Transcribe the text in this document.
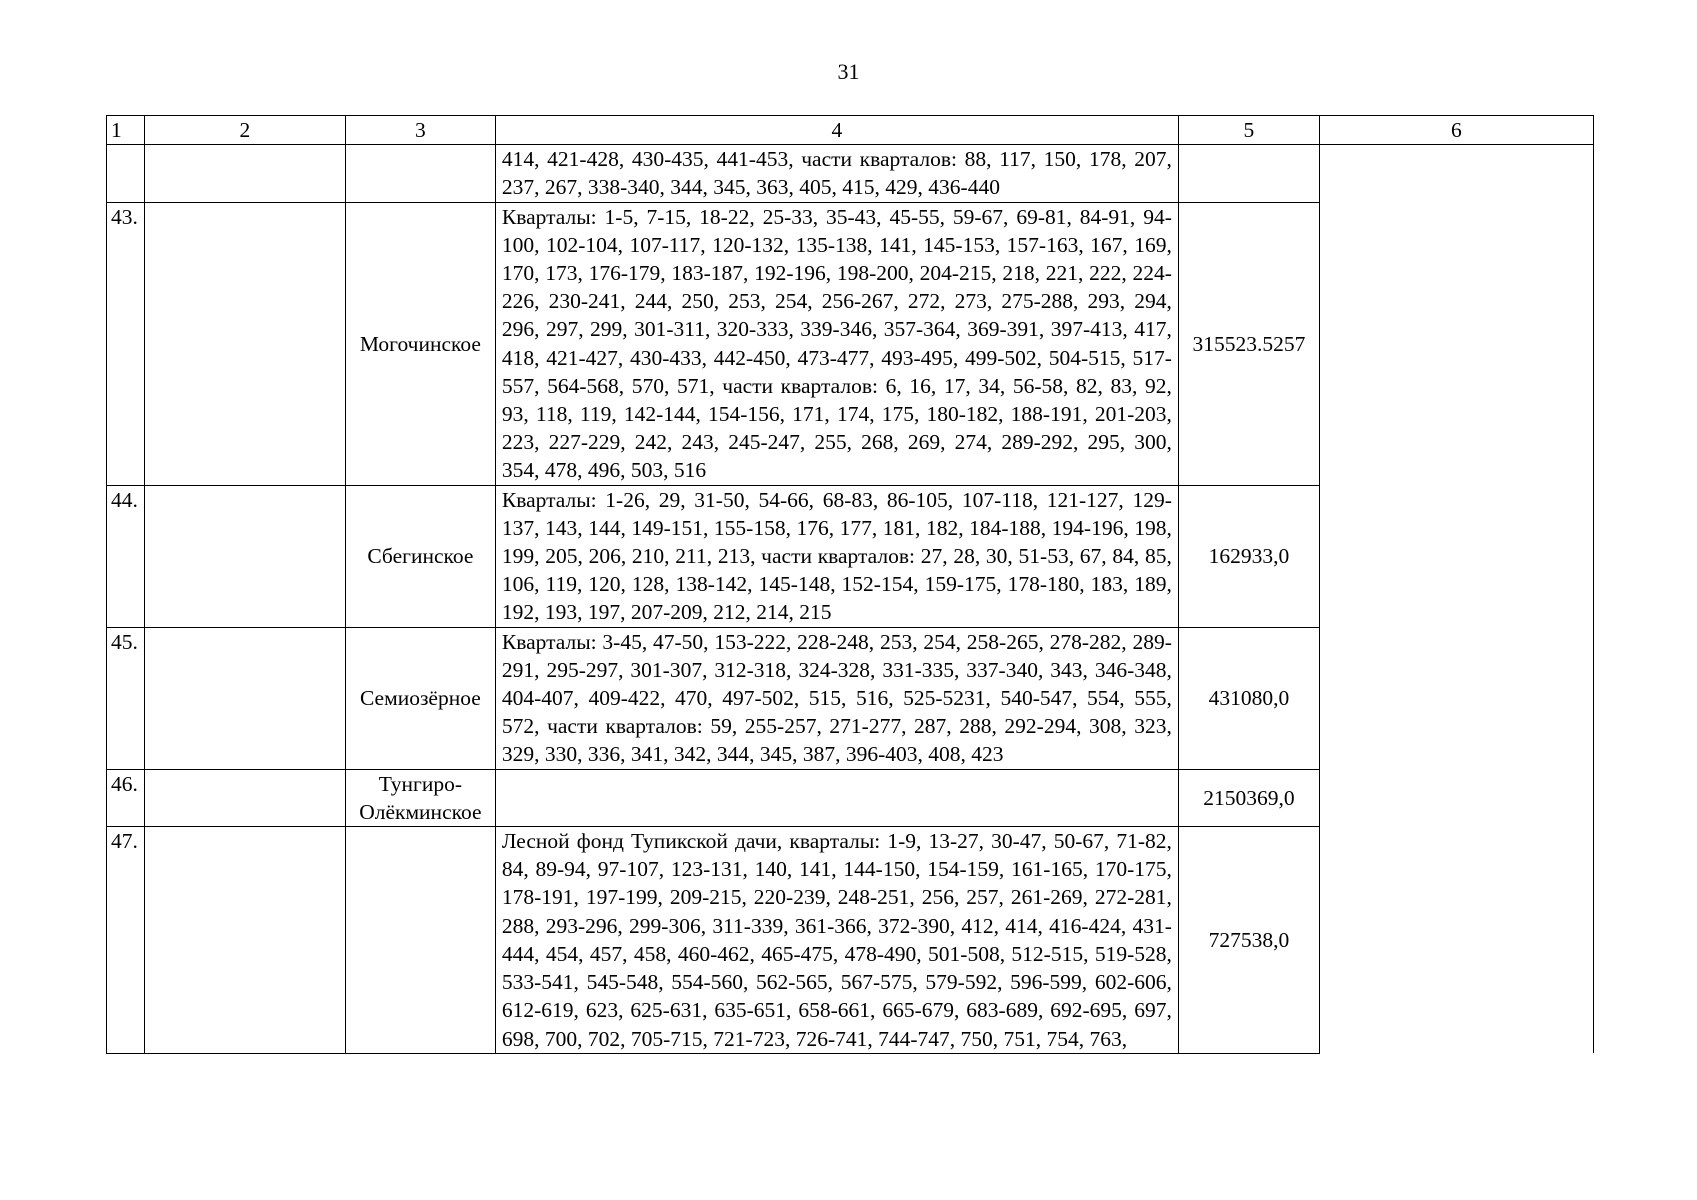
31
1	2	3	4	5	6
			414, 421-428, 430-435, 441-453, части кварталов: 88, 117, 150, 178, 207, 237, 267, 338-340, 344, 345, 363, 405, 415, 429, 436-440		
43.		Могочинское	Кварталы: 1-5, 7-15, 18-22, 25-33, 35-43, 45-55, 59-67, 69-81, 84-91, 94-100, 102-104, 107-117, 120-132, 135-138, 141, 145-153, 157-163, 167, 169, 170, 173, 176-179, 183-187, 192-196, 198-200, 204-215, 218, 221, 222, 224-226, 230-241, 244, 250, 253, 254, 256-267, 272, 273, 275-288, 293, 294, 296, 297, 299, 301-311, 320-333, 339-346, 357-364, 369-391, 397-413, 417, 418, 421-427, 430-433, 442-450, 473-477, 493-495, 499-502, 504-515, 517-557, 564-568, 570, 571, части кварталов: 6, 16, 17, 34, 56-58, 82, 83, 92, 93, 118, 119, 142-144, 154-156, 171, 174, 175, 180-182, 188-191, 201-203, 223, 227-229, 242, 243, 245-247, 255, 268, 269, 274, 289-292, 295, 300, 354, 478, 496, 503, 516	315523.5257	
44.		Сбегинское	Кварталы: 1-26, 29, 31-50, 54-66, 68-83, 86-105, 107-118, 121-127, 129-137, 143, 144, 149-151, 155-158, 176, 177, 181, 182, 184-188, 194-196, 198, 199, 205, 206, 210, 211, 213, части кварталов: 27, 28, 30, 51-53, 67, 84, 85, 106, 119, 120, 128, 138-142, 145-148, 152-154, 159-175, 178-180, 183, 189, 192, 193, 197, 207-209, 212, 214, 215	162933,0	
45.		Семиозёрное	Кварталы: 3-45, 47-50, 153-222, 228-248, 253, 254, 258-265, 278-282, 289-291, 295-297, 301-307, 312-318, 324-328, 331-335, 337-340, 343, 346-348, 404-407, 409-422, 470, 497-502, 515, 516, 525-5231, 540-547, 554, 555, 572, части кварталов: 59, 255-257, 271-277, 287, 288, 292-294, 308, 323, 329, 330, 336, 341, 342, 344, 345, 387, 396-403, 408, 423	431080,0	
46.		Тунгиро-Олёкминское		2150369,0	
47.			Лесной фонд Тупикской дачи, кварталы: 1-9, 13-27, 30-47, 50-67, 71-82, 84, 89-94, 97-107, 123-131, 140, 141, 144-150, 154-159, 161-165, 170-175, 178-191, 197-199, 209-215, 220-239, 248-251, 256, 257, 261-269, 272-281, 288, 293-296, 299-306, 311-339, 361-366, 372-390, 412, 414, 416-424, 431-444, 454, 457, 458, 460-462, 465-475, 478-490, 501-508, 512-515, 519-528, 533-541, 545-548, 554-560, 562-565, 567-575, 579-592, 596-599, 602-606, 612-619, 623, 625-631, 635-651, 658-661, 665-679, 683-689, 692-695, 697, 698, 700, 702, 705-715, 721-723, 726-741, 744-747, 750, 751, 754, 763,	727538,0	
